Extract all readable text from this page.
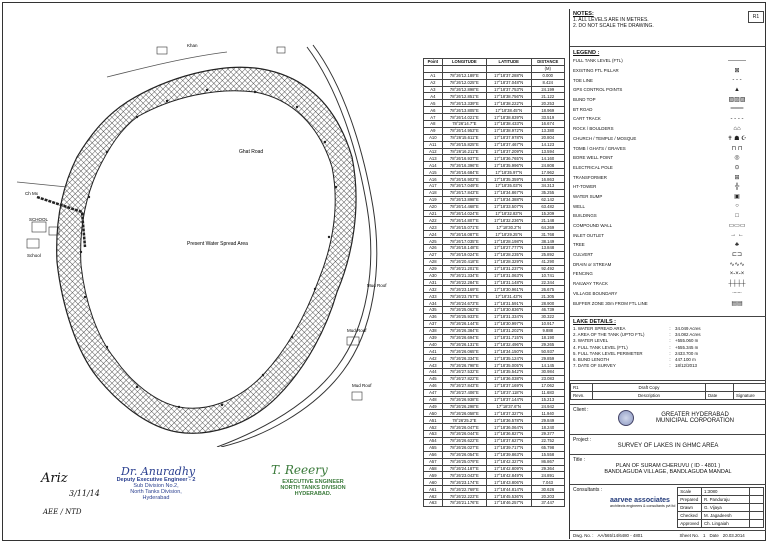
Present Water Spread Area
Ghat Road
Ch Mx
SCHOOL
School
Khan
Mud Roof
Mud Roof
Mud Roof
Point	LONGITUDE	LATITUDE	DISTANCE
			(M)
A1	78°26'12.189"E	17°18'37.288"N	0.000
A2	78°26'12.025"E	17°18'37.048"N	8.424
A3	78°26'12.898"E	17°18'37.753"N	24.199
A4	78°26'12.851"E	17°18'38.756"N	21.122
A5	78°26'13.339"E	17°18'38.222"N	20.253
A6	78°26'13.805"E	17°18'38.45"N	18.969
A7	78°26'14.021"E	17°18'38.839"N	33.519
A8	78°26'14.7"E	17°18'38.433"N	16.674
A9	78°26'14.953"E	17°18'38.972"N	13.380
A10	78°26'15.611"E	17°18'37.978"N	20.804
A11	78°26'15.825"E	17°18'37.467"N	14.123
A12	78°26'16.211"E	17°18'37.209"N	13.594
A13	78°26'16.937"E	17°18'36.765"N	14.160
A14	78°26'16.396"E	17°18'35.996"N	24.808
A15	78°26'16.684"E	17°18'35.97"N	17.962
A16	78°26'16.902"E	17°18'35.359"N	16.863
A17	78°26'17.049"E	17°18'35.03"N	34.313
A18	78°26'17.843"E	17°18'34.867"N	35.255
A19	78°26'13.898"E	17°18'34.388"N	62.142
A20	78°26'14.468"E	17°18'33.507"N	63.482
A21	78°26'14.024"E	17°18'32.83"N	15.209
A22	78°26'14.807"E	17°18'32.236"N	21.148
A23	78°26'15.071"E	17°18'30.2"N	64.269
A24	78°26'16.087"E	17°18'29.25"N	31.768
A25	78°26'17.035"E	17°18'28.198"N	38.149
A26	78°26'18.148"E	17°18'27.777"N	13.848
A27	78°26'19.024"E	17°18'28.235"N	25.892
A28	78°26'20.418"E	17°18'28.329"N	41.290
A29	78°26'21.201"E	17°18'31.237"N	92.492
A30	78°26'21.334"E	17°18'31.063"N	10.741
A31	78°26'22.284"E	17°18'31.148"N	22.344
A32	78°26'23.169"E	17°18'30.961"N	26.675
A33	78°26'23.757"E	17°18'31.43"N	21.305
A34	78°26'24.673"E	17°18'31.591"N	28.900
A35	78°26'25.062"E	17°18'30.836"N	46.739
A36	78°26'25.933"E	17°18'31.334"N	30.322
A37	78°26'26.144"E	17°18'30.997"N	10.917
A38	78°26'26.384"E	17°18'31.202"N	9.888
A39	78°26'26.694"E	17°18'31.715"N	18.190
A40	78°26'26.131"E	17°18'32.496"N	29.265
A41	78°26'26.065"E	17°18'34.150"N	50.937
A42	78°26'26.334"E	17°18'35.124"N	29.859
A43	78°26'26.798"E	17°18'35.005"N	14.145
A44	78°26'27.532"E	17°18'35.542"N	30.984
A45	78°26'27.822"E	17°18'36.038"N	23.083
A46	78°26'27.843"E	17°18'37.169"N	17.062
A47	78°26'27.406"E	17°18'37.118"N	11.683
A48	78°26'26.938"E	17°18'37.144"N	15.213
A49	78°26'26.298"E	17°18'37.6"N	24.942
A50	78°26'26.058"E	17°18'37.327"N	11.940
A51	78°26'25.2"E	17°18'36.578"N	29.849
A52	78°26'26.047"E	17°18'36.064"N	18.240
A53	78°26'26.044"E	17°18'36.827"N	29.377
A54	78°26'26.622"E	17°18'37.627"N	22.752
A55	78°26'26.027"E	17°18'39.717"N	65.798
A56	78°26'26.054"E	17°18'39.863"N	15.558
A57	78°26'25.079"E	17°18'42.327"N	86.867
A58	78°26'24.187"E	17°18'42.809"N	29.364
A59	78°26'23.043"E	17°18'42.849"N	24.891
A60	78°26'23.174"E	17°18'43.806"N	7.043
A61	78°26'22.769"E	17°18'44.814"N	30.626
A62	78°26'22.223"E	17°18'45.536"N	20.203
A63	78°26'21.176"E	17°18'46.257"N	37.447
Ariz
3/11/14
AEE / NTD
Dr. Anuradhy
Deputy Executive Engineer - 2
Sub Division No.2,
North Tanks Division,
Hyderabad
T. Reeery
EXECUTIVE ENGINEER
NORTH TANKS DIVISION
HYDERABAD.
NOTES:
1. ALL LEVELS ARE IN METRES.
2. DO NOT SCALE THE DRAWING.
R1
LEGEND :
FULL TANK LEVEL (FTL)	———
EXISTING FTL PILLAR	⊠
TOE LINE	- - -
GPS CONTROL POINTS	▲
BUND TOP	▨▨▨
BT ROAD	═══
CART TRACK	- - - -
ROCK / BOULDERS	⌂⌂
CHURCH / TEMPLE / MOSQUE	✝ ☗ ☪
TOMB / GHATS / GRAVES	⊓ ⊓
BORE WELL POINT	◎
ELECTRICAL POLE	⊙
TRANSFORMER	⊞
HT-TOWER	╬
WATER SUMP	▣
WELL	○
BUILDINGS	□
COMPOUND WALL	▭▭▭
INLET OUTLET	→ ←
TREE	♣
CULVERT	⊏⊐
DRAIN or STREAM	∿∿∿
FENCING	×-×-×
RAILWAY TRACK	┼┼┼┼
VILLAGE BOUNDARY	·-·-·
BUFFER ZONE 30m FROM FTL LINE	▤▤
LAKE DETAILS :
1. WATER SPREAD AREA	: 34.049 Acres
2. AREA OF THE TANK (UPTO FTL)	: 34.082 Acres
3. WATER LEVEL	: +555.060 m
4. FULL TANK LEVEL (FTL)	: +555.345 m
5. FULL TANK LEVEL PERIMETER	: 2433.700 m
6. BUND LENGTH	: 447.100 m
7. DATE OF SURVEY	: 18/12/2013
R1	Draft Copy		
Revn.	Description	Date	Signature
Client :
GREATER HYDERABAD
MUNICIPAL CORPORATION
Project :
SURVEY OF LAKES IN GHMC AREA
Title :
PLAN OF SURAM CHERUVU ( ID - 4801 )
BANDLAGUDA VILLAGE, BANDLAGUDA MANDAL
Consultants :
aarvee associates
architects engineers & consultants pvt ltd
Scale	1:3080	
Prepared	R. Panduraju	
Drawn	G. Vijaya	
Checked	M. Jagadeesh	
Approved	Ch. Lingaiah	
Dwg. No. : AA/565/14/6480 - 4801	Sheet No. 1 Date 20.03.2014
